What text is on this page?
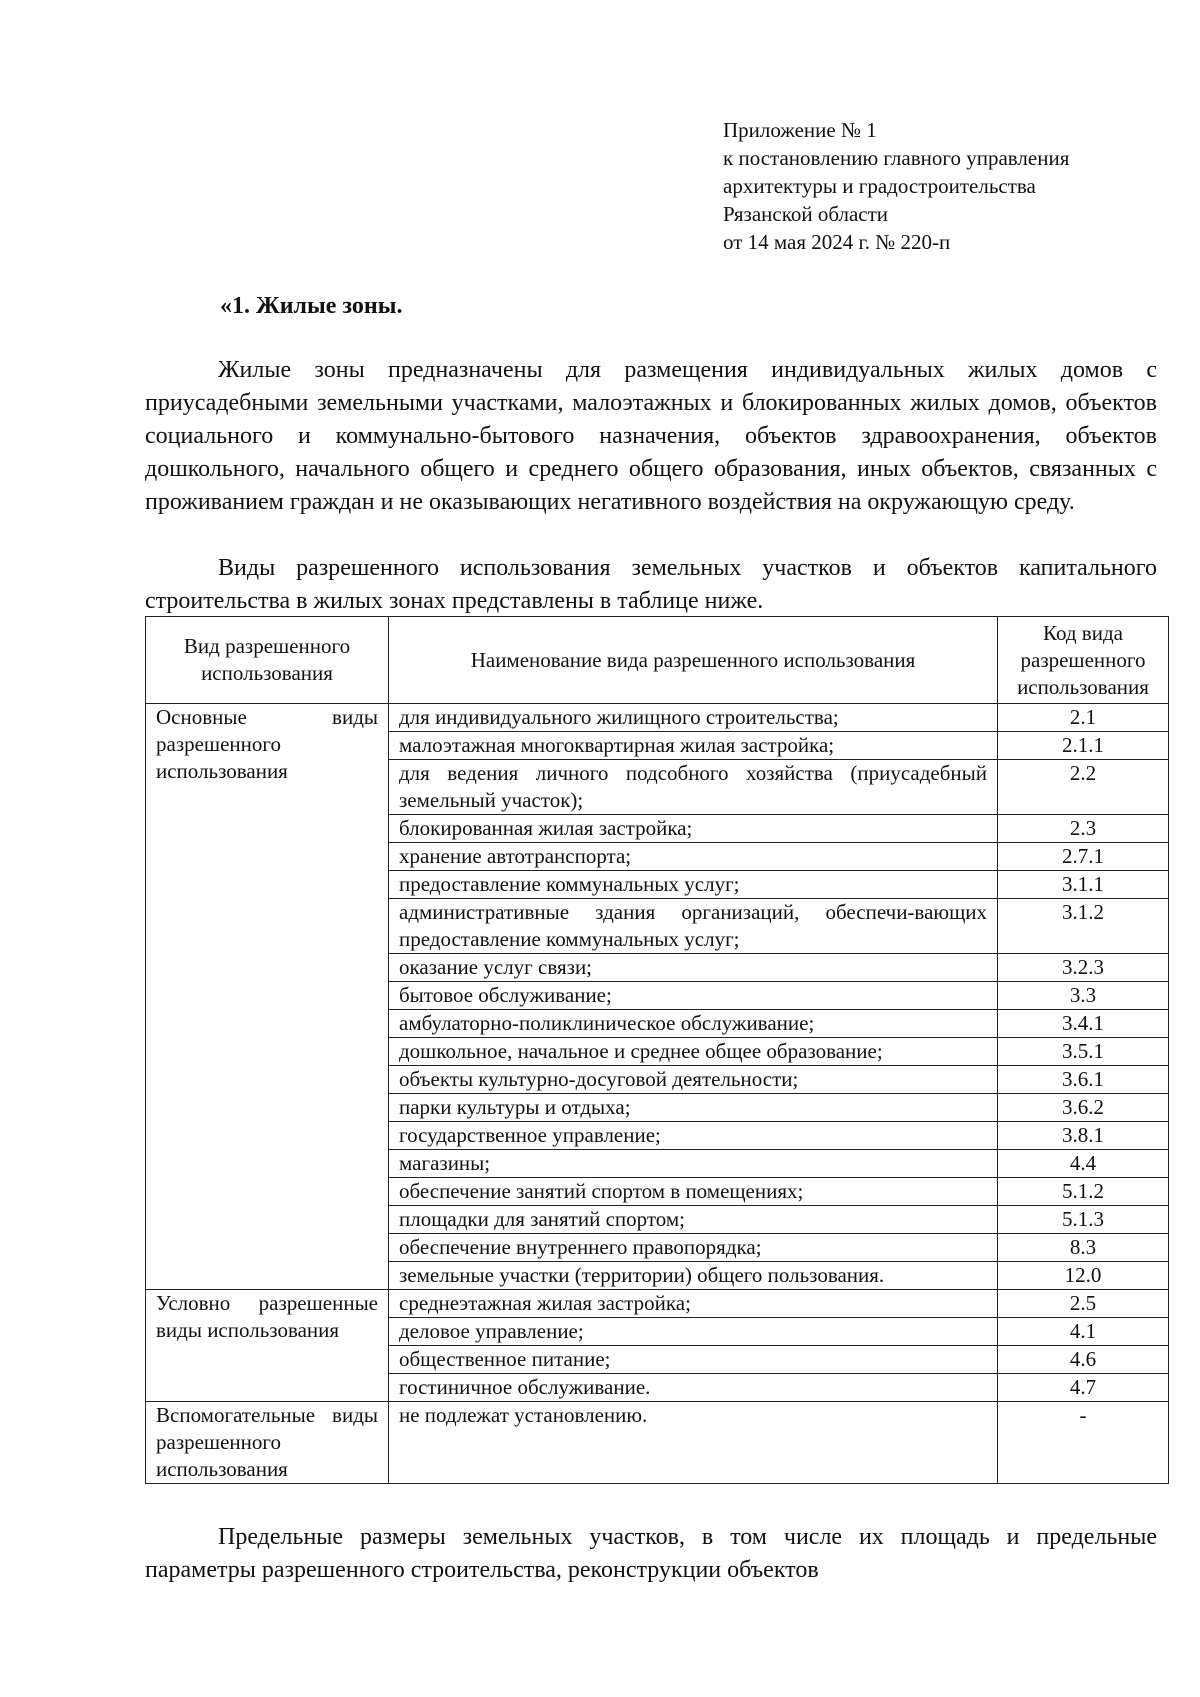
Приложение № 1
к постановлению главного управления
архитектуры и градостроительства
Рязанской области
от 14 мая 2024 г. № 220-п
«1. Жилые зоны.

Жилые зоны предназначены для размещения индивидуальных жилых домов с приусадебными земельными участками, малоэтажных и блокированных жилых домов, объектов социального и коммунально-бытового назначения, объектов здравоохранения, объектов дошкольного, начального общего и среднего общего образования, иных объектов, связанных с проживанием граждан и не оказывающих негативного воздействия на окружающую среду.

Виды разрешенного использования земельных участков и объектов капитального строительства в жилых зонах представлены в таблице ниже.

Вид разрешенного использования	Наименование вида разрешенного использования	Код вида разрешенного использования
Основные виды разрешенного использования	для индивидуального жилищного строительства;	2.1
	малоэтажная многоквартирная жилая застройка;	2.1.1
	для ведения личного подсобного хозяйства (приусадебный земельный участок);	2.2
	блокированная жилая застройка;	2.3
	хранение автотранспорта;	2.7.1
	предоставление коммунальных услуг;	3.1.1
	административные здания организаций, обеспечи-вающих предоставление коммунальных услуг;	3.1.2
	оказание услуг связи;	3.2.3
	бытовое обслуживание;	3.3
	амбулаторно-поликлиническое обслуживание;	3.4.1
	дошкольное, начальное и среднее общее образование;	3.5.1
	объекты культурно-досуговой деятельности;	3.6.1
	парки культуры и отдыха;	3.6.2
	государственное управление;	3.8.1
	магазины;	4.4
	обеспечение занятий спортом в помещениях;	5.1.2
	площадки для занятий спортом;	5.1.3
	обеспечение внутреннего правопорядка;	8.3
	земельные участки (территории) общего пользования.	12.0
Условно разрешенные виды использования	среднеэтажная жилая застройка;	2.5
	деловое управление;	4.1
	общественное питание;	4.6
	гостиничное обслуживание.	4.7
Вспомогательные виды разрешенного использования	не подлежат установлению.	-

Предельные размеры земельных участков, в том числе их площадь и предельные параметры разрешенного строительства, реконструкции объектов
